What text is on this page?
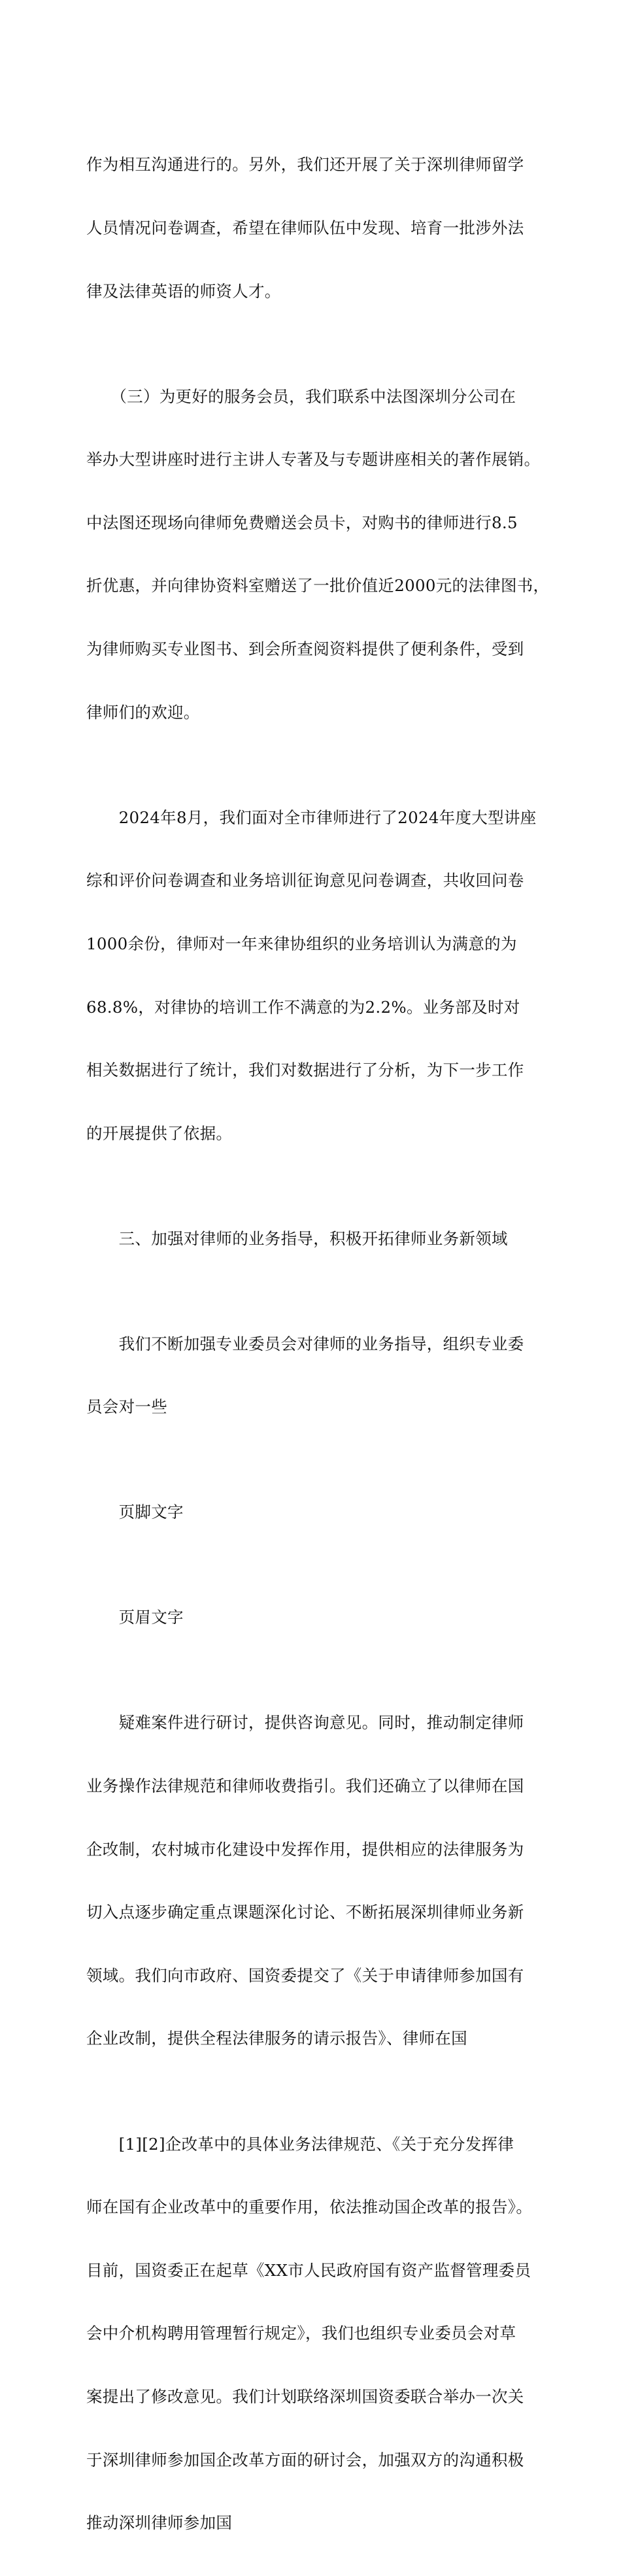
作为相互沟通进行的。另外，我们还开展了关于深圳律师留学

人员情况问卷调查，希望在律师队伍中发现、培育一批涉外法

律及法律英语的师资人才。

　　（三）为更好的服务会员，我们联系中法图深圳分公司在

举办大型讲座时进行主讲人专著及与专题讲座相关的著作展销。

中法图还现场向律师免费赠送会员卡，对购书的律师进行8.5

折优惠，并向律协资料室赠送了一批价值近2000元的法律图书，

为律师购买专业图书、到会所查阅资料提供了便利条件，受到

律师们的欢迎。

　　2024年8月，我们面对全市律师进行了2024年度大型讲座

综和评价问卷调查和业务培训征询意见问卷调查，共收回问卷

1000余份，律师对一年来律协组织的业务培训认为满意的为

68.8%，对律协的培训工作不满意的为2.2%。业务部及时对

相关数据进行了统计，我们对数据进行了分析，为下一步工作

的开展提供了依据。

　　三、加强对律师的业务指导，积极开拓律师业务新领域

　　我们不断加强专业委员会对律师的业务指导，组织专业委

员会对一些

　　页脚文字

　　页眉文字

　　疑难案件进行研讨，提供咨询意见。同时，推动制定律师

业务操作法律规范和律师收费指引。我们还确立了以律师在国

企改制，农村城市化建设中发挥作用，提供相应的法律服务为

切入点逐步确定重点课题深化讨论、不断拓展深圳律师业务新

领域。我们向市政府、国资委提交了《关于申请律师参加国有

企业改制，提供全程法律服务的请示报告》、律师在国

　　[1][2]企改革中的具体业务法律规范、《关于充分发挥律

师在国有企业改革中的重要作用，依法推动国企改革的报告》。

目前，国资委正在起草《XX市人民政府国有资产监督管理委员

会中介机构聘用管理暂行规定》，我们也组织专业委员会对草

案提出了修改意见。我们计划联络深圳国资委联合举办一次关

于深圳律师参加国企改革方面的研讨会，加强双方的沟通积极

推动深圳律师参加国
